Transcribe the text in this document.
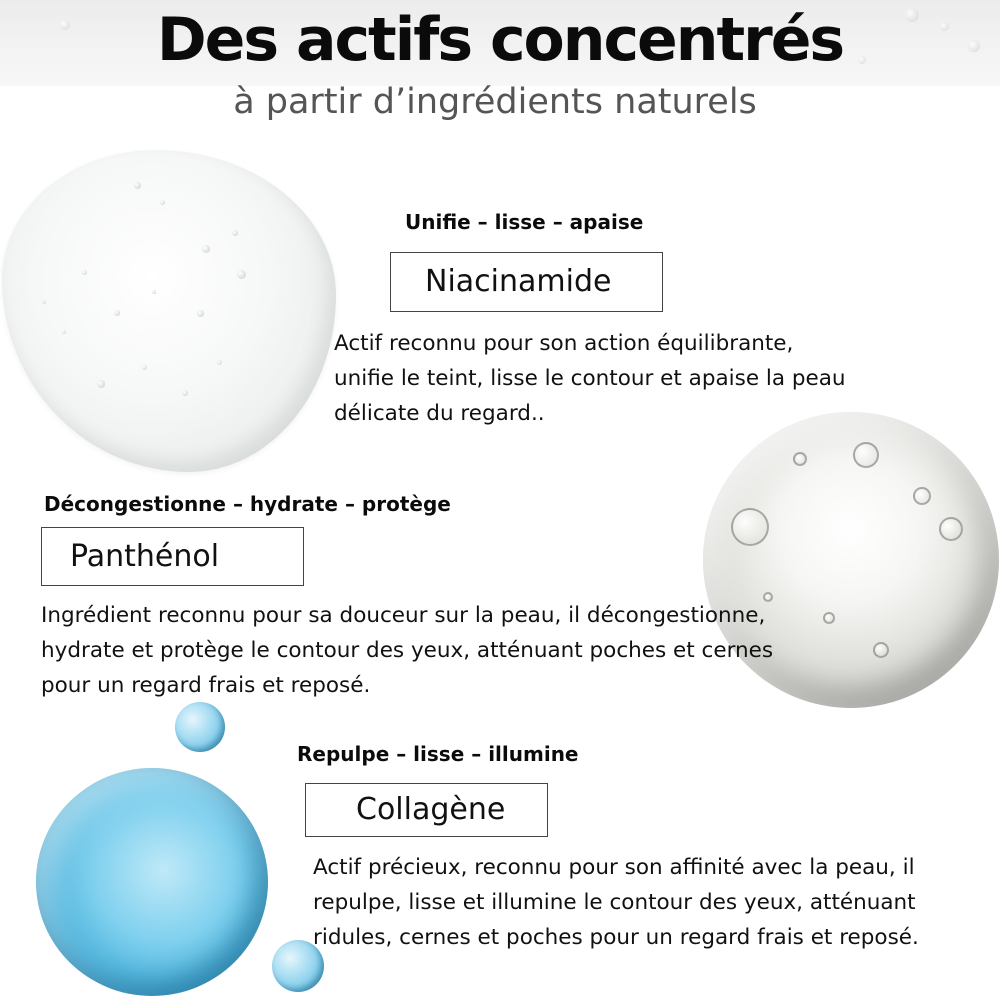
Des actifs concentrés

à partir d’ingrédients naturels

Unifie – lisse – apaise

Niacinamide

Actif reconnu pour son action équilibrante, unifie le teint, lisse le contour et apaise la peau délicate du regard..

Décongestionne – hydrate – protège

Panthénol

Ingrédient reconnu pour sa douceur sur la peau, il décongestionne, hydrate et protège le contour des yeux, atténuant poches et cernes pour un regard frais et reposé.

Repulpe – lisse – illumine

Collagène

Actif précieux, reconnu pour son affinité avec la peau, il repulpe, lisse et illumine le contour des yeux, atténuant ridules, cernes et poches pour un regard frais et reposé.
